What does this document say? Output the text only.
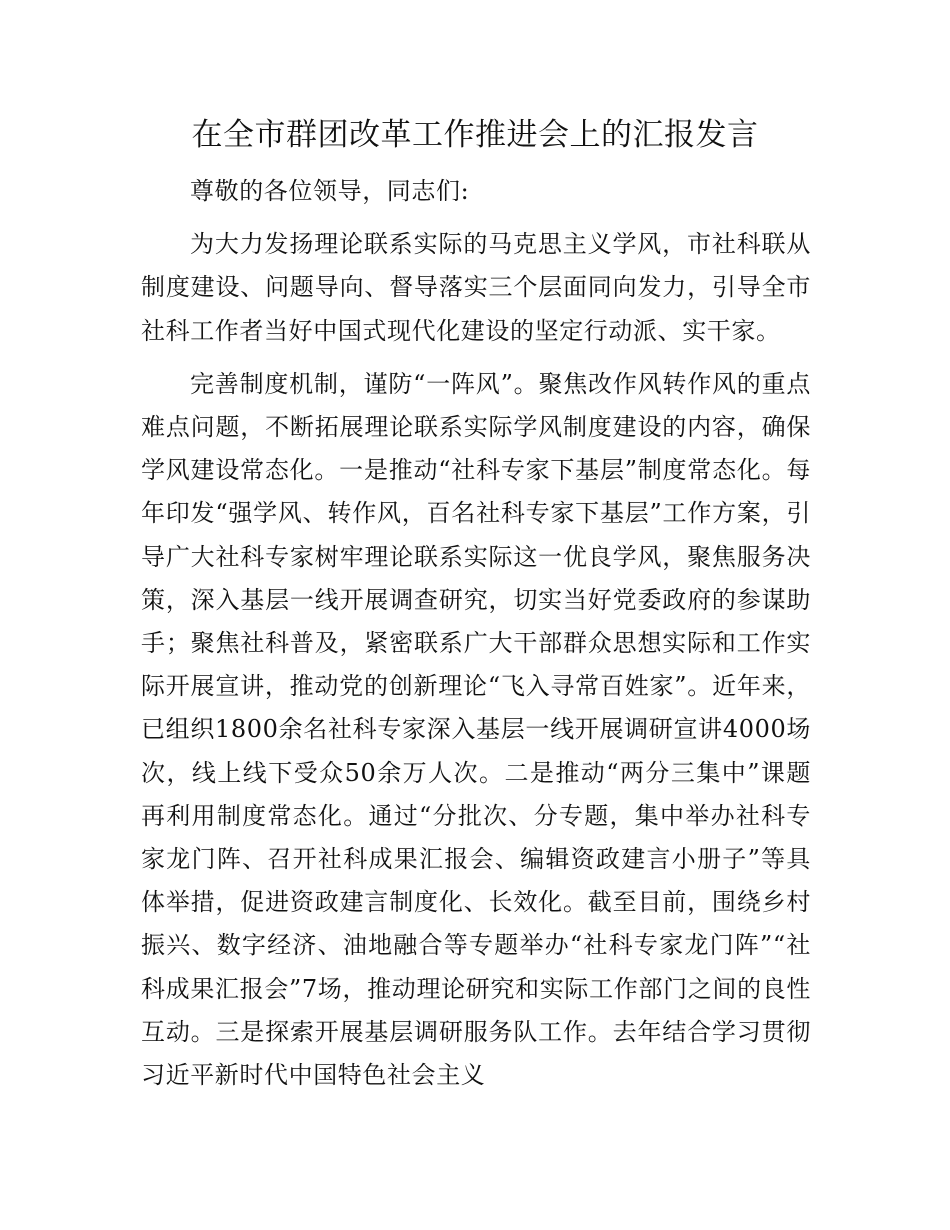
在全市群团改革工作推进会上的汇报发言

尊敬的各位领导，同志们:

为大力发扬理论联系实际的马克思主义学风，市社科联从制度建设、问题导向、督导落实三个层面同向发力，引导全市社科工作者当好中国式现代化建设的坚定行动派、实干家。

完善制度机制，谨防“一阵风”。聚焦改作风转作风的重点难点问题，不断拓展理论联系实际学风制度建设的内容，确保学风建设常态化。一是推动“社科专家下基层”制度常态化。每年印发“强学风、转作风，百名社科专家下基层”工作方案，引导广大社科专家树牢理论联系实际这一优良学风，聚焦服务决策，深入基层一线开展调查研究，切实当好党委政府的参谋助手；聚焦社科普及，紧密联系广大干部群众思想实际和工作实际开展宣讲，推动党的创新理论“飞入寻常百姓家”。近年来，已组织1800余名社科专家深入基层一线开展调研宣讲4000场次，线上线下受众50余万人次。二是推动“两分三集中”课题再利用制度常态化。通过“分批次、分专题，集中举办社科专家龙门阵、召开社科成果汇报会、编辑资政建言小册子”等具体举措，促进资政建言制度化、长效化。截至目前，围绕乡村振兴、数字经济、油地融合等专题举办“社科专家龙门阵”“社科成果汇报会”7场，推动理论研究和实际工作部门之间的良性互动。三是探索开展基层调研服务队工作。去年结合学习贯彻习近平新时代中国特色社会主义
